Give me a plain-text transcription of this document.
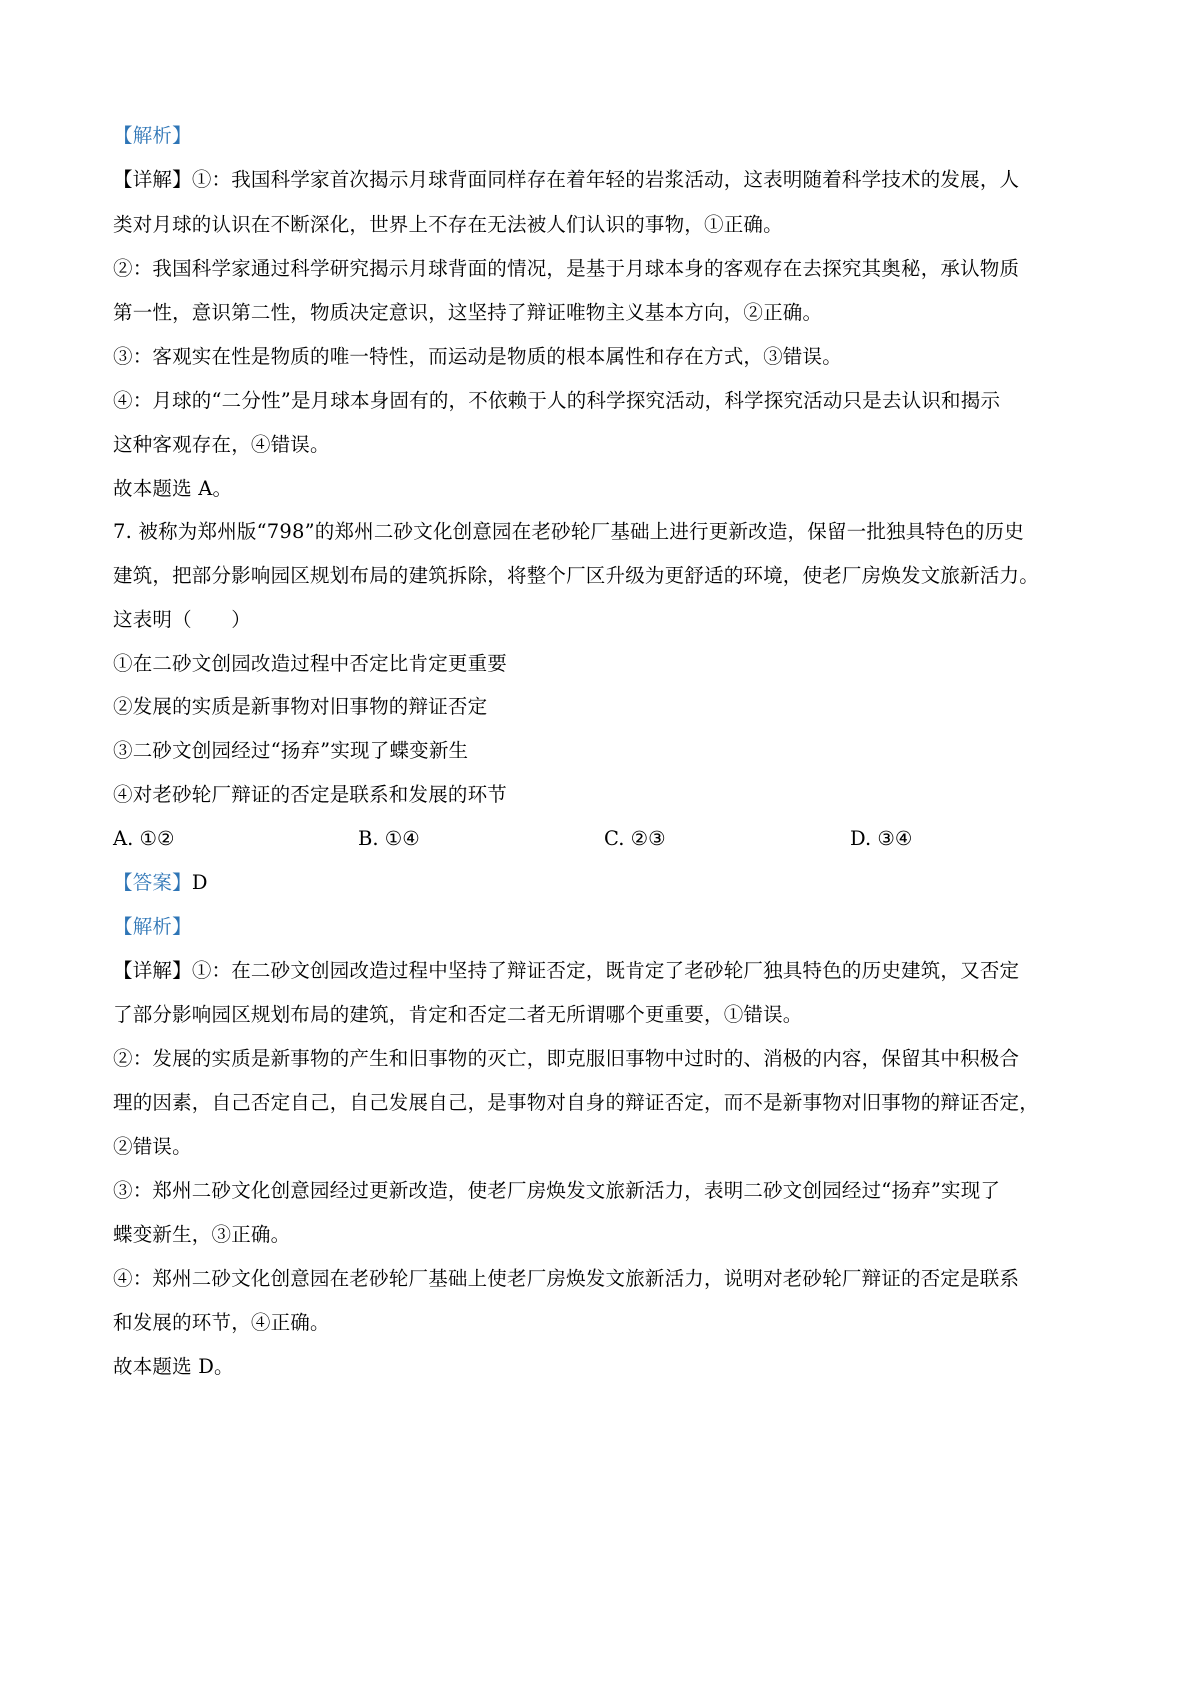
【解析】
【详解】①：我国科学家首次揭示月球背面同样存在着年轻的岩浆活动，这表明随着科学技术的发展，人
类对月球的认识在不断深化，世界上不存在无法被人们认识的事物，①正确。
②：我国科学家通过科学研究揭示月球背面的情况，是基于月球本身的客观存在去探究其奥秘，承认物质
第一性，意识第二性，物质决定意识，这坚持了辩证唯物主义基本方向，②正确。
③：客观实在性是物质的唯一特性，而运动是物质的根本属性和存在方式，③错误。
④：月球的“二分性”是月球本身固有的，不依赖于人的科学探究活动，科学探究活动只是去认识和揭示
这种客观存在，④错误。
故本题选 A。
7. 被称为郑州版“798”的郑州二砂文化创意园在老砂轮厂基础上进行更新改造，保留一批独具特色的历史
建筑，把部分影响园区规划布局的建筑拆除，将整个厂区升级为更舒适的环境，使老厂房焕发文旅新活力。
这表明（　　）
①在二砂文创园改造过程中否定比肯定更重要
②发展的实质是新事物对旧事物的辩证否定
③二砂文创园经过“扬弃”实现了蝶变新生
④对老砂轮厂辩证的否定是联系和发展的环节
A. ①②	B. ①④	C. ②③	D. ③④
【答案】D
【解析】
【详解】①：在二砂文创园改造过程中坚持了辩证否定，既肯定了老砂轮厂独具特色的历史建筑，又否定
了部分影响园区规划布局的建筑，肯定和否定二者无所谓哪个更重要，①错误。
②：发展的实质是新事物的产生和旧事物的灭亡，即克服旧事物中过时的、消极的内容，保留其中积极合
理的因素，自己否定自己，自己发展自己，是事物对自身的辩证否定，而不是新事物对旧事物的辩证否定，
②错误。
③：郑州二砂文化创意园经过更新改造，使老厂房焕发文旅新活力，表明二砂文创园经过“扬弃”实现了
蝶变新生，③正确。
④：郑州二砂文化创意园在老砂轮厂基础上使老厂房焕发文旅新活力，说明对老砂轮厂辩证的否定是联系
和发展的环节，④正确。
故本题选 D。
